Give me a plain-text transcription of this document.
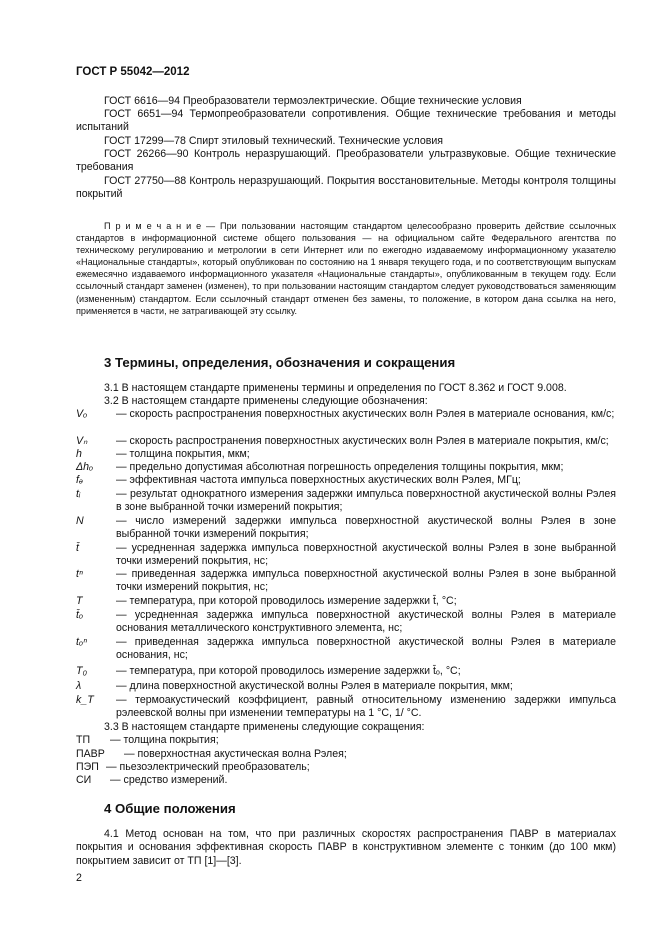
ГОСТ Р 55042—2012
ГОСТ 6616—94 Преобразователи термоэлектрические. Общие технические условия
ГОСТ 6651—94 Термопреобразователи сопротивления. Общие технические требования и методы испытаний
ГОСТ 17299—78 Спирт этиловый технический. Технические условия
ГОСТ 26266—90 Контроль неразрушающий. Преобразователи ультразвуковые. Общие технические требования
ГОСТ 27750—88 Контроль неразрушающий. Покрытия восстановительные. Методы контроля толщины покрытий
П р и м е ч а н и е — При пользовании настоящим стандартом целесообразно проверить действие ссылочных стандартов в информационной системе общего пользования — на официальном сайте Федерального агентства по техническому регулированию и метрологии в сети Интернет или по ежегодно издаваемому информационному указателю «Национальные стандарты», который опубликован по состоянию на 1 января текущего года, и по соответствующим выпускам ежемесячно издаваемого информационного указателя «Национальные стандарты», опубликованным в текущем году. Если ссылочный стандарт заменен (изменен), то при пользовании настоящим стандартом следует руководствоваться заменяющим (измененным) стандартом. Если ссылочный стандарт отменен без замены, то положение, в котором дана ссылка на него, применяется в части, не затрагивающей эту ссылку.
3 Термины, определения, обозначения и сокращения
3.1 В настоящем стандарте применены термины и определения по ГОСТ 8.362 и ГОСТ 9.008.
3.2 В настоящем стандарте применены следующие обозначения:
Vₒ	— скорость распространения поверхностных акустических волн Рэлея в материале основания, км/с;
Vₙ	— скорость распространения поверхностных акустических волн Рэлея в материале покрытия, км/с;
h	— толщина покрытия, мкм;
Δhₒ — предельно допустимая абсолютная погрешность определения толщины покрытия, мкм;
fₔ	— эффективная частота импульса поверхностных акустических волн Рэлея, МГц;
tᵢ	— результат однократного измерения задержки импульса поверхностной акустической волны Рэлея в зоне выбранной точки измерений покрытия;
N	— число измерений задержки импульса поверхностной акустической волны Рэлея в зоне выбранной точки измерений покрытия;
t̄	— усредненная задержка импульса поверхностной акустической волны Рэлея в зоне выбранной точки измерений покрытия, нс;
tⁿ	— приведенная задержка импульса поверхностной акустической волны Рэлея в зоне выбранной точки измерений покрытия, нс;
T	— температура, при которой проводилось измерение задержки t̄, °С;
t̄ₒ	— усредненная задержка импульса поверхностной акустической волны Рэлея в материале основания металлического конструктивного элемента, нс;
tₒⁿ	— приведенная задержка импульса поверхностной акустической волны Рэлея в материале основания, нс;
T₀	— температура, при которой проводилось измерение задержки t̄ₒ, °С;
λ	— длина поверхностной акустической волны Рэлея в материале покрытия, мкм;
k_T — термоакустический коэффициент, равный относительному изменению задержки импульса рэлеевской волны при изменении температуры на 1 °С, 1/ °С.
3.3 В настоящем стандарте применены следующие сокращения:
ТП — толщина покрытия;
ПАВР — поверхностная акустическая волна Рэлея;
ПЭП — пьезоэлектрический преобразователь;
СИ — средство измерений.
4 Общие положения
4.1 Метод основан на том, что при различных скоростях распространения ПАВР в материалах покрытия и основания эффективная скорость ПАВР в конструктивном элементе с тонким (до 100 мкм) покрытием зависит от ТП [1]—[3].
2
